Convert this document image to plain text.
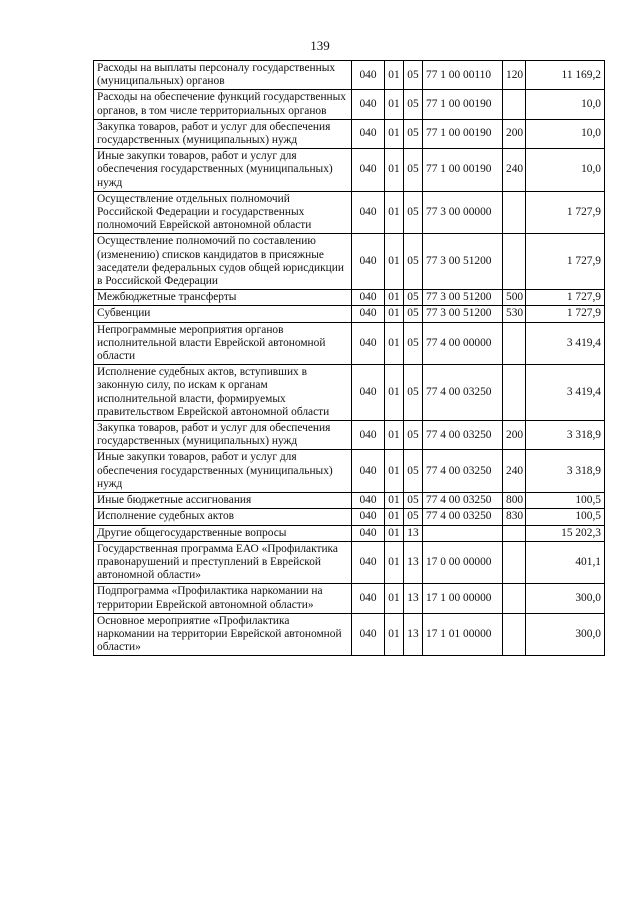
139
Расходы на выплаты персоналу государственных (муниципальных) органов	040	01	05	77 1 00 00110	120	11 169,2
Расходы на обеспечение функций государственных органов, в том числе территориальных органов	040	01	05	77 1 00 00190		10,0
Закупка товаров, работ и услуг для обеспечения государственных (муниципальных) нужд	040	01	05	77 1 00 00190	200	10,0
Иные закупки товаров, работ и услуг для обеспечения государственных (муниципальных) нужд	040	01	05	77 1 00 00190	240	10,0
Осуществление отдельных полномочий Российской Федерации и государственных полномочий Еврейской автономной области	040	01	05	77 3 00 00000		1 727,9
Осуществление полномочий по составлению (изменению) списков кандидатов в присяжные заседатели федеральных судов общей юрисдикции в Российской Федерации	040	01	05	77 3 00 51200		1 727,9
Межбюджетные трансферты	040	01	05	77 3 00 51200	500	1 727,9
Субвенции	040	01	05	77 3 00 51200	530	1 727,9
Непрограммные мероприятия органов исполнительной власти Еврейской автономной области	040	01	05	77 4 00 00000		3 419,4
Исполнение судебных актов, вступивших в законную силу, по искам к органам исполнительной власти, формируемых правительством Еврейской автономной области	040	01	05	77 4 00 03250		3 419,4
Закупка товаров, работ и услуг для обеспечения государственных (муниципальных) нужд	040	01	05	77 4 00 03250	200	3 318,9
Иные закупки товаров, работ и услуг для обеспечения государственных (муниципальных) нужд	040	01	05	77 4 00 03250	240	3 318,9
Иные бюджетные ассигнования	040	01	05	77 4 00 03250	800	100,5
Исполнение судебных актов	040	01	05	77 4 00 03250	830	100,5
Другие общегосударственные вопросы	040	01	13			15 202,3
Государственная программа ЕАО «Профилактика правонарушений и преступлений в Еврейской автономной области»	040	01	13	17 0 00 00000		401,1
Подпрограмма «Профилактика наркомании на территории Еврейской автономной области»	040	01	13	17 1 00 00000		300,0
Основное мероприятие «Профилактика наркомании на территории Еврейской автономной области»	040	01	13	17 1 01 00000		300,0
